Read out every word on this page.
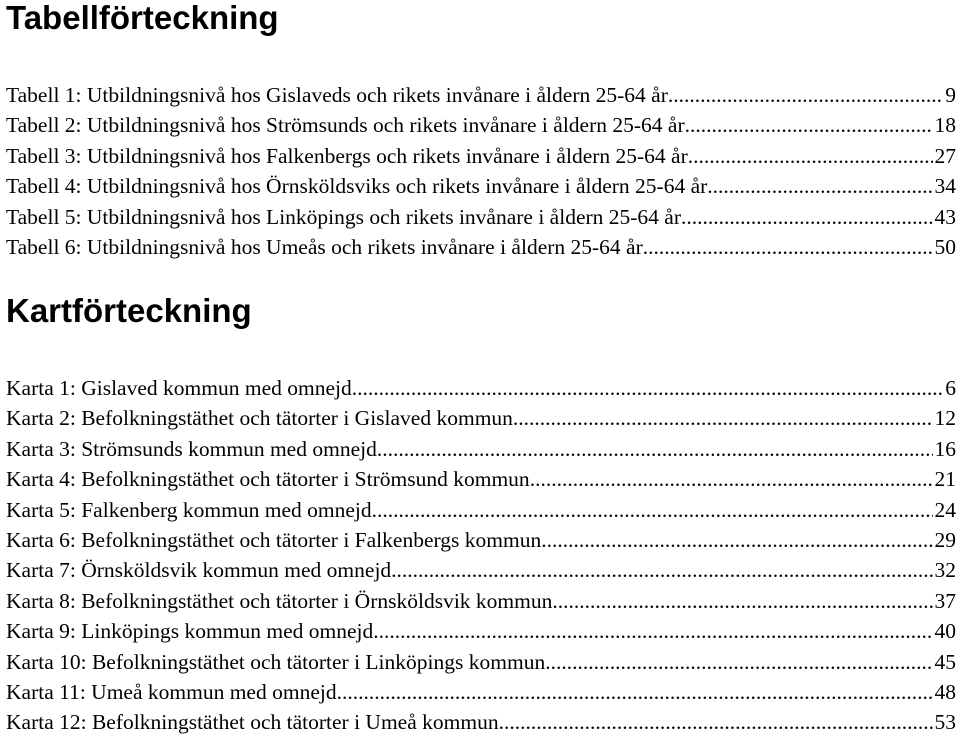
Tabellförteckning
Tabell 1: Utbildningsnivå hos Gislaveds och rikets invånare i åldern 25-64 år .....	9
Tabell 2: Utbildningsnivå hos Strömsunds och rikets invånare i åldern 25-64 år .....	18
Tabell 3: Utbildningsnivå hos Falkenbergs och rikets invånare i åldern 25-64 år .....	27
Tabell 4: Utbildningsnivå hos Örnsköldsviks och rikets invånare i åldern 25-64 år .....	34
Tabell 5: Utbildningsnivå hos Linköpings och rikets invånare i åldern 25-64 år .....	43
Tabell 6: Utbildningsnivå hos Umeås och rikets invånare i åldern 25-64 år .....	50
Kartförteckning
Karta 1: Gislaved kommun med omnejd .....	6
Karta 2: Befolkningstäthet och tätorter i Gislaved kommun .....	12
Karta 3: Strömsunds kommun med omnejd .....	16
Karta 4: Befolkningstäthet och tätorter i Strömsund kommun .....	21
Karta 5: Falkenberg kommun med omnejd .....	24
Karta 6: Befolkningstäthet och tätorter i Falkenbergs kommun .....	29
Karta 7: Örnsköldsvik kommun med omnejd .....	32
Karta 8: Befolkningstäthet och tätorter i Örnsköldsvik kommun .....	37
Karta 9: Linköpings kommun med omnejd .....	40
Karta 10: Befolkningstäthet och tätorter i Linköpings kommun .....	45
Karta 11: Umeå kommun med omnejd .....	48
Karta 12: Befolkningstäthet och tätorter i Umeå kommun .....	53
